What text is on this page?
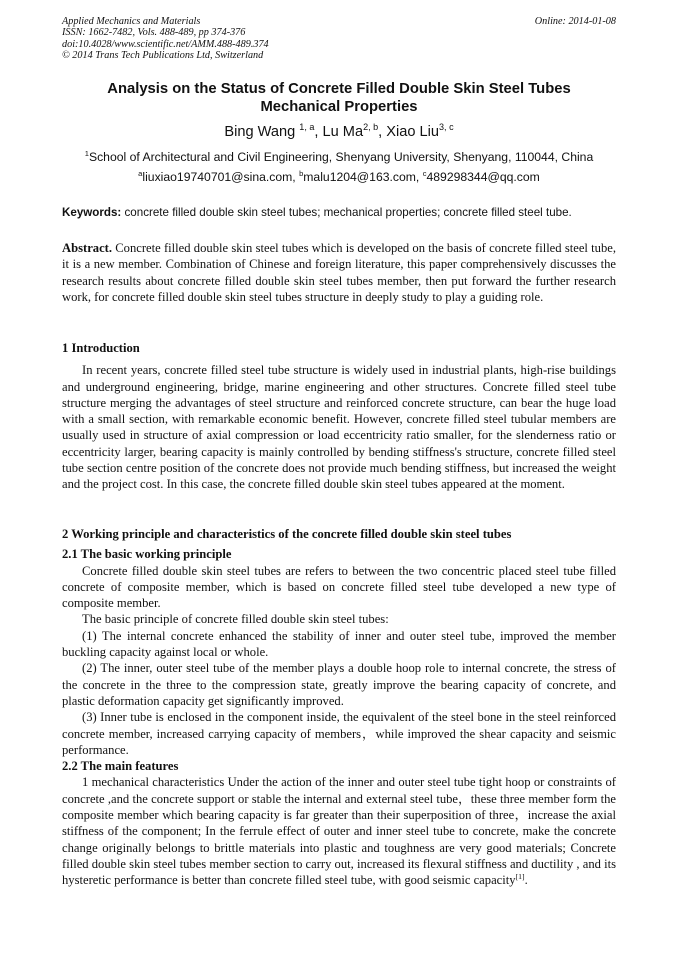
Applied Mechanics and Materials
ISSN: 1662-7482, Vols. 488-489, pp 374-376
doi:10.4028/www.scientific.net/AMM.488-489.374
© 2014 Trans Tech Publications Ltd, Switzerland
Online: 2014-01-08
Analysis on the Status of Concrete Filled Double Skin Steel Tubes
Mechanical Properties
Bing Wang $^{1, a}$, Lu Ma$^{2, b}$, Xiao Liu$^{3, c}$
$^1$School of Architectural and Civil Engineering, Shenyang University, Shenyang, 110044, China
$^a$liuxiao19740701@sina.com, $^b$malu1204@163.com, $^c$489298344@qq.com
Keywords: concrete filled double skin steel tubes; mechanical properties; concrete filled steel tube.

Abstract. Concrete filled double skin steel tubes which is developed on the basis of concrete filled steel tube, it is a new member. Combination of Chinese and foreign literature, this paper comprehensively discusses the research results about concrete filled double skin steel tubes member, then put forward the further research work, for concrete filled double skin steel tubes structure in deeply study to play a guiding role.

1 Introduction

In recent years, concrete filled steel tube structure is widely used in industrial plants, high-rise buildings and underground engineering, bridge, marine engineering and other structures. Concrete filled steel tube structure merging the advantages of steel structure and reinforced concrete structure, can bear the huge load with a small section, with remarkable economic benefit. However, concrete filled steel tubular members are usually used in structure of axial compression or load eccentricity ratio smaller, for the slenderness ratio or eccentricity larger, bearing capacity is mainly controlled by bending stiffness's structure, concrete filled steel tube section centre position of the concrete does not provide much bending stiffness, but increased the weight and the project cost. In this case, the concrete filled double skin steel tubes appeared at the moment.

2 Working principle and characteristics of the concrete filled double skin steel tubes

2.1 The basic working principle

Concrete filled double skin steel tubes are refers to between the two concentric placed steel tube filled concrete of composite member, which is based on concrete filled steel tube developed a new type of composite member.

The basic principle of concrete filled double skin steel tubes:

(1) The internal concrete enhanced the stability of inner and outer steel tube, improved the member buckling capacity against local or whole.

(2) The inner, outer steel tube of the member plays a double hoop role to internal concrete, the stress of the concrete in the three to the compression state, greatly improve the bearing capacity of concrete, and plastic deformation capacity get significantly improved.

(3) Inner tube is enclosed in the component inside, the equivalent of the steel bone in the steel reinforced concrete member, increased carrying capacity of members，while improved the shear capacity and seismic performance.

2.2 The main features

1 mechanical characteristics Under the action of the inner and outer steel tube tight hoop or constraints of concrete ,and the concrete support or stable the internal and external steel tube，these three member form the composite member which bearing capacity is far greater than their superposition of three，increase the axial stiffness of the component; In the ferrule effect of outer and inner steel tube to concrete, make the concrete change originally belongs to brittle materials into plastic and toughness are very good materials; Concrete filled double skin steel tubes member section to carry out, increased its flexural stiffness and ductility , and its hysteretic performance is better than concrete filled steel tube, with good seismic capacity[1].
